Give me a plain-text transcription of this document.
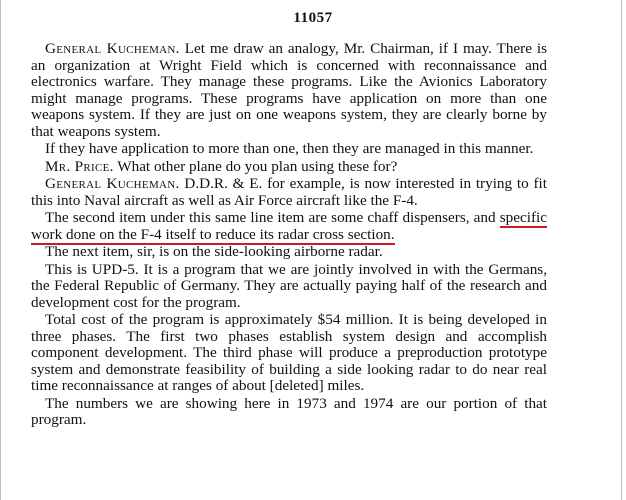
11057

General Kucheman. Let me draw an analogy, Mr. Chairman, if I may. There is an organization at Wright Field which is concerned with reconnaissance and electronics warfare. They manage these programs. Like the Avionics Laboratory might manage programs. These programs have application on more than one weapons system. If they are just on one weapons system, they are clearly borne by that weapons system.

If they have application to more than one, then they are managed in this manner.

Mr. Price. What other plane do you plan using these for?

General Kucheman. D.D.R. & E. for example, is now interested in trying to fit this into Naval aircraft as well as Air Force aircraft like the F-4.

The second item under this same line item are some chaff dispensers, and specific work done on the F-4 itself to reduce its radar cross section.

The next item, sir, is on the side-looking airborne radar.

This is UPD-5. It is a program that we are jointly involved in with the Germans, the Federal Republic of Germany. They are actually paying half of the research and development cost for the program.

Total cost of the program is approximately $54 million. It is being developed in three phases. The first two phases establish system design and accomplish component development. The third phase will produce a preproduction prototype system and demonstrate feasibility of building a side looking radar to do near real time reconnaissance at ranges of about [deleted] miles.

The numbers we are showing here in 1973 and 1974 are our portion of that program.
